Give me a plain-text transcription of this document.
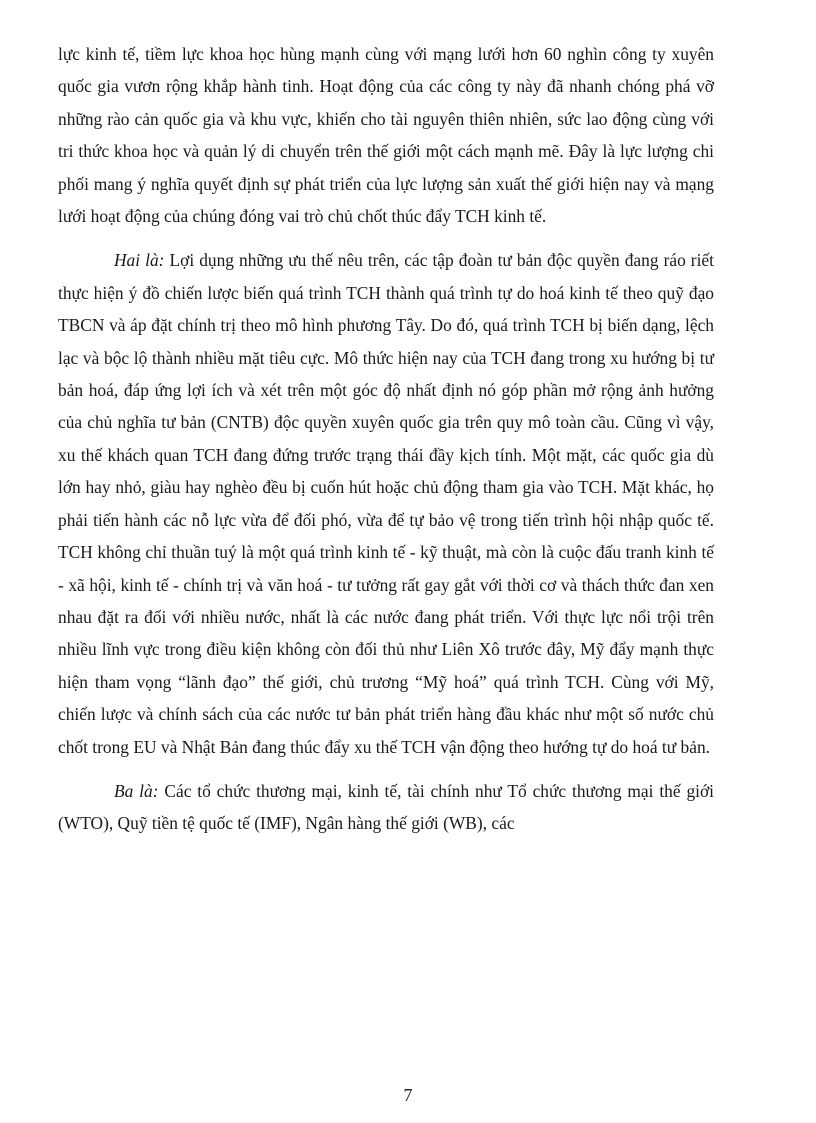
lực kinh tế, tiềm lực khoa học hùng mạnh cùng với mạng lưới hơn 60 nghìn công ty xuyên quốc gia vươn rộng khắp hành tinh. Hoạt động của các công ty này đã nhanh chóng phá vỡ những rào cản quốc gia và khu vực, khiến cho tài nguyên thiên nhiên, sức lao động cùng với tri thức khoa học và quản lý di chuyển trên thế giới một cách mạnh mẽ. Đây là lực lượng chi phối mang ý nghĩa quyết định sự phát triển của lực lượng sản xuất thế giới hiện nay và mạng lưới hoạt động của chúng đóng vai trò chủ chốt thúc đẩy TCH kinh tế.

Hai là: Lợi dụng những ưu thế nêu trên, các tập đoàn tư bản độc quyền đang ráo riết thực hiện ý đồ chiến lược biến quá trình TCH thành quá trình tự do hoá kinh tế theo quỹ đạo TBCN và áp đặt chính trị theo mô hình phương Tây. Do đó, quá trình TCH bị biến dạng, lệch lạc và bộc lộ thành nhiều mặt tiêu cực. Mô thức hiện nay của TCH đang trong xu hướng bị tư bản hoá, đáp ứng lợi ích và xét trên một góc độ nhất định nó góp phần mở rộng ảnh hưởng của chủ nghĩa tư bản (CNTB) độc quyền xuyên quốc gia trên quy mô toàn cầu. Cũng vì vậy, xu thế khách quan TCH đang đứng trước trạng thái đầy kịch tính. Một mặt, các quốc gia dù lớn hay nhỏ, giàu hay nghèo đều bị cuốn hút hoặc chủ động tham gia vào TCH. Mặt khác, họ phải tiến hành các nỗ lực vừa để đối phó, vừa để tự bảo vệ trong tiến trình hội nhập quốc tế. TCH không chỉ thuần tuý là một quá trình kinh tế - kỹ thuật, mà còn là cuộc đấu tranh kinh tế - xã hội, kinh tế - chính trị và văn hoá - tư tưởng rất gay gắt với thời cơ và thách thức đan xen nhau đặt ra đối với nhiều nước, nhất là các nước đang phát triển. Với thực lực nổi trội trên nhiều lĩnh vực trong điều kiện không còn đối thủ như Liên Xô trước đây, Mỹ đẩy mạnh thực hiện tham vọng “lãnh đạo” thế giới, chủ trương “Mỹ hoá” quá trình TCH. Cùng với Mỹ, chiến lược và chính sách của các nước tư bản phát triển hàng đầu khác như một số nước chủ chốt trong EU và Nhật Bản đang thúc đẩy xu thế TCH vận động theo hướng tự do hoá tư bản.

Ba là: Các tổ chức thương mại, kinh tế, tài chính như Tổ chức thương mại thế giới (WTO), Quỹ tiền tệ quốc tế (IMF), Ngân hàng thế giới (WB), các

7
